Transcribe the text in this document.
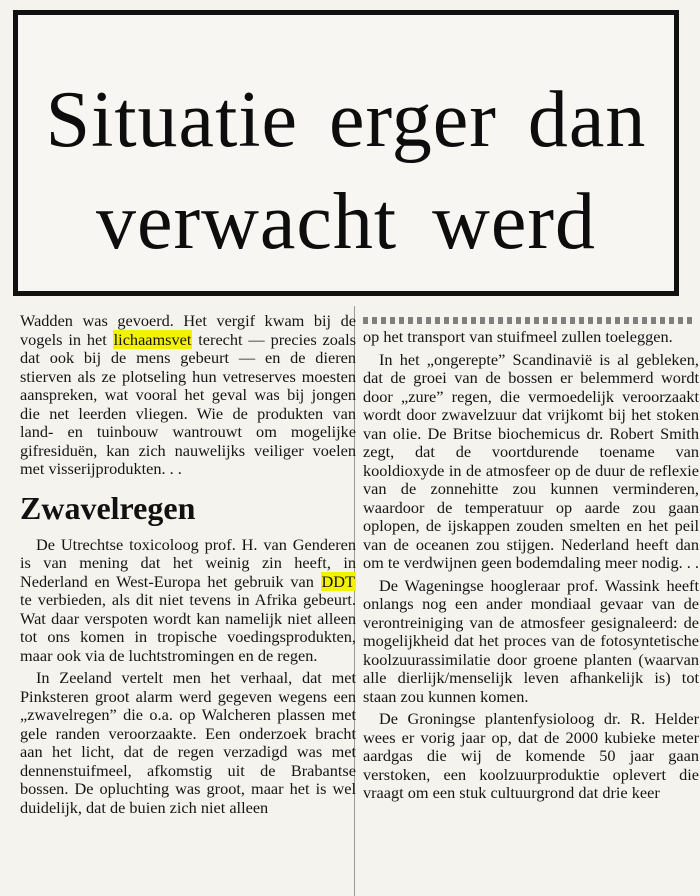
Situatie erger dan
verwacht werd

Wadden was gevoerd. Het vergif kwam bij de vogels in het lichaamsvet terecht — precies zoals dat ook bij de mens gebeurt — en de dieren stierven als ze plotseling hun vetreserves moesten aanspreken, wat vooral het geval was bij jongen die net leerden vliegen. Wie de produkten van land- en tuinbouw wantrouwt om mogelijke gifresiduën, kan zich nauwelijks veiliger voelen met visserijprodukten. . .

Zwavelregen

De Utrechtse toxicoloog prof. H. van Genderen is van mening dat het weinig zin heeft, in Nederland en West-Europa het gebruik van DDT te verbieden, als dit niet tevens in Afrika gebeurt. Wat daar verspoten wordt kan namelijk niet alleen tot ons komen in tropische voedingsprodukten, maar ook via de luchtstromingen en de regen.

In Zeeland vertelt men het verhaal, dat met Pinksteren groot alarm werd gegeven wegens een „zwavelregen” die o.a. op Walcheren plassen met gele randen veroorzaakte. Een onderzoek bracht aan het licht, dat de regen verzadigd was met dennenstuifmeel, afkomstig uit de Brabantse bossen. De opluchting was groot, maar het is wel duidelijk, dat de buien zich niet alleen

op het transport van stuifmeel zullen toeleggen.

In het „ongerepte” Scandinavië is al gebleken, dat de groei van de bossen er belemmerd wordt door „zure” regen, die vermoedelijk veroorzaakt wordt door zwavelzuur dat vrijkomt bij het stoken van olie. De Britse biochemicus dr. Robert Smith zegt, dat de voortdurende toename van kooldioxyde in de atmosfeer op de duur de reflexie van de zonnehitte zou kunnen verminderen, waardoor de temperatuur op aarde zou gaan oplopen, de ijskappen zouden smelten en het peil van de oceanen zou stijgen. Nederland heeft dan om te verdwijnen geen bodemdaling meer nodig. . .

De Wageningse hoogleraar prof. Wassink heeft onlangs nog een ander mondiaal gevaar van de verontreiniging van de atmosfeer gesignaleerd: de mogelijkheid dat het proces van de fotosyntetische koolzuurassimilatie door groene planten (waarvan alle dierlijk/menselijk leven afhankelijk is) tot staan zou kunnen komen.

De Groningse plantenfysioloog dr. R. Helder wees er vorig jaar op, dat de 2000 kubieke meter aardgas die wij de komende 50 jaar gaan verstoken, een koolzuurproduktie oplevert die vraagt om een stuk cultuurgrond dat drie keer
